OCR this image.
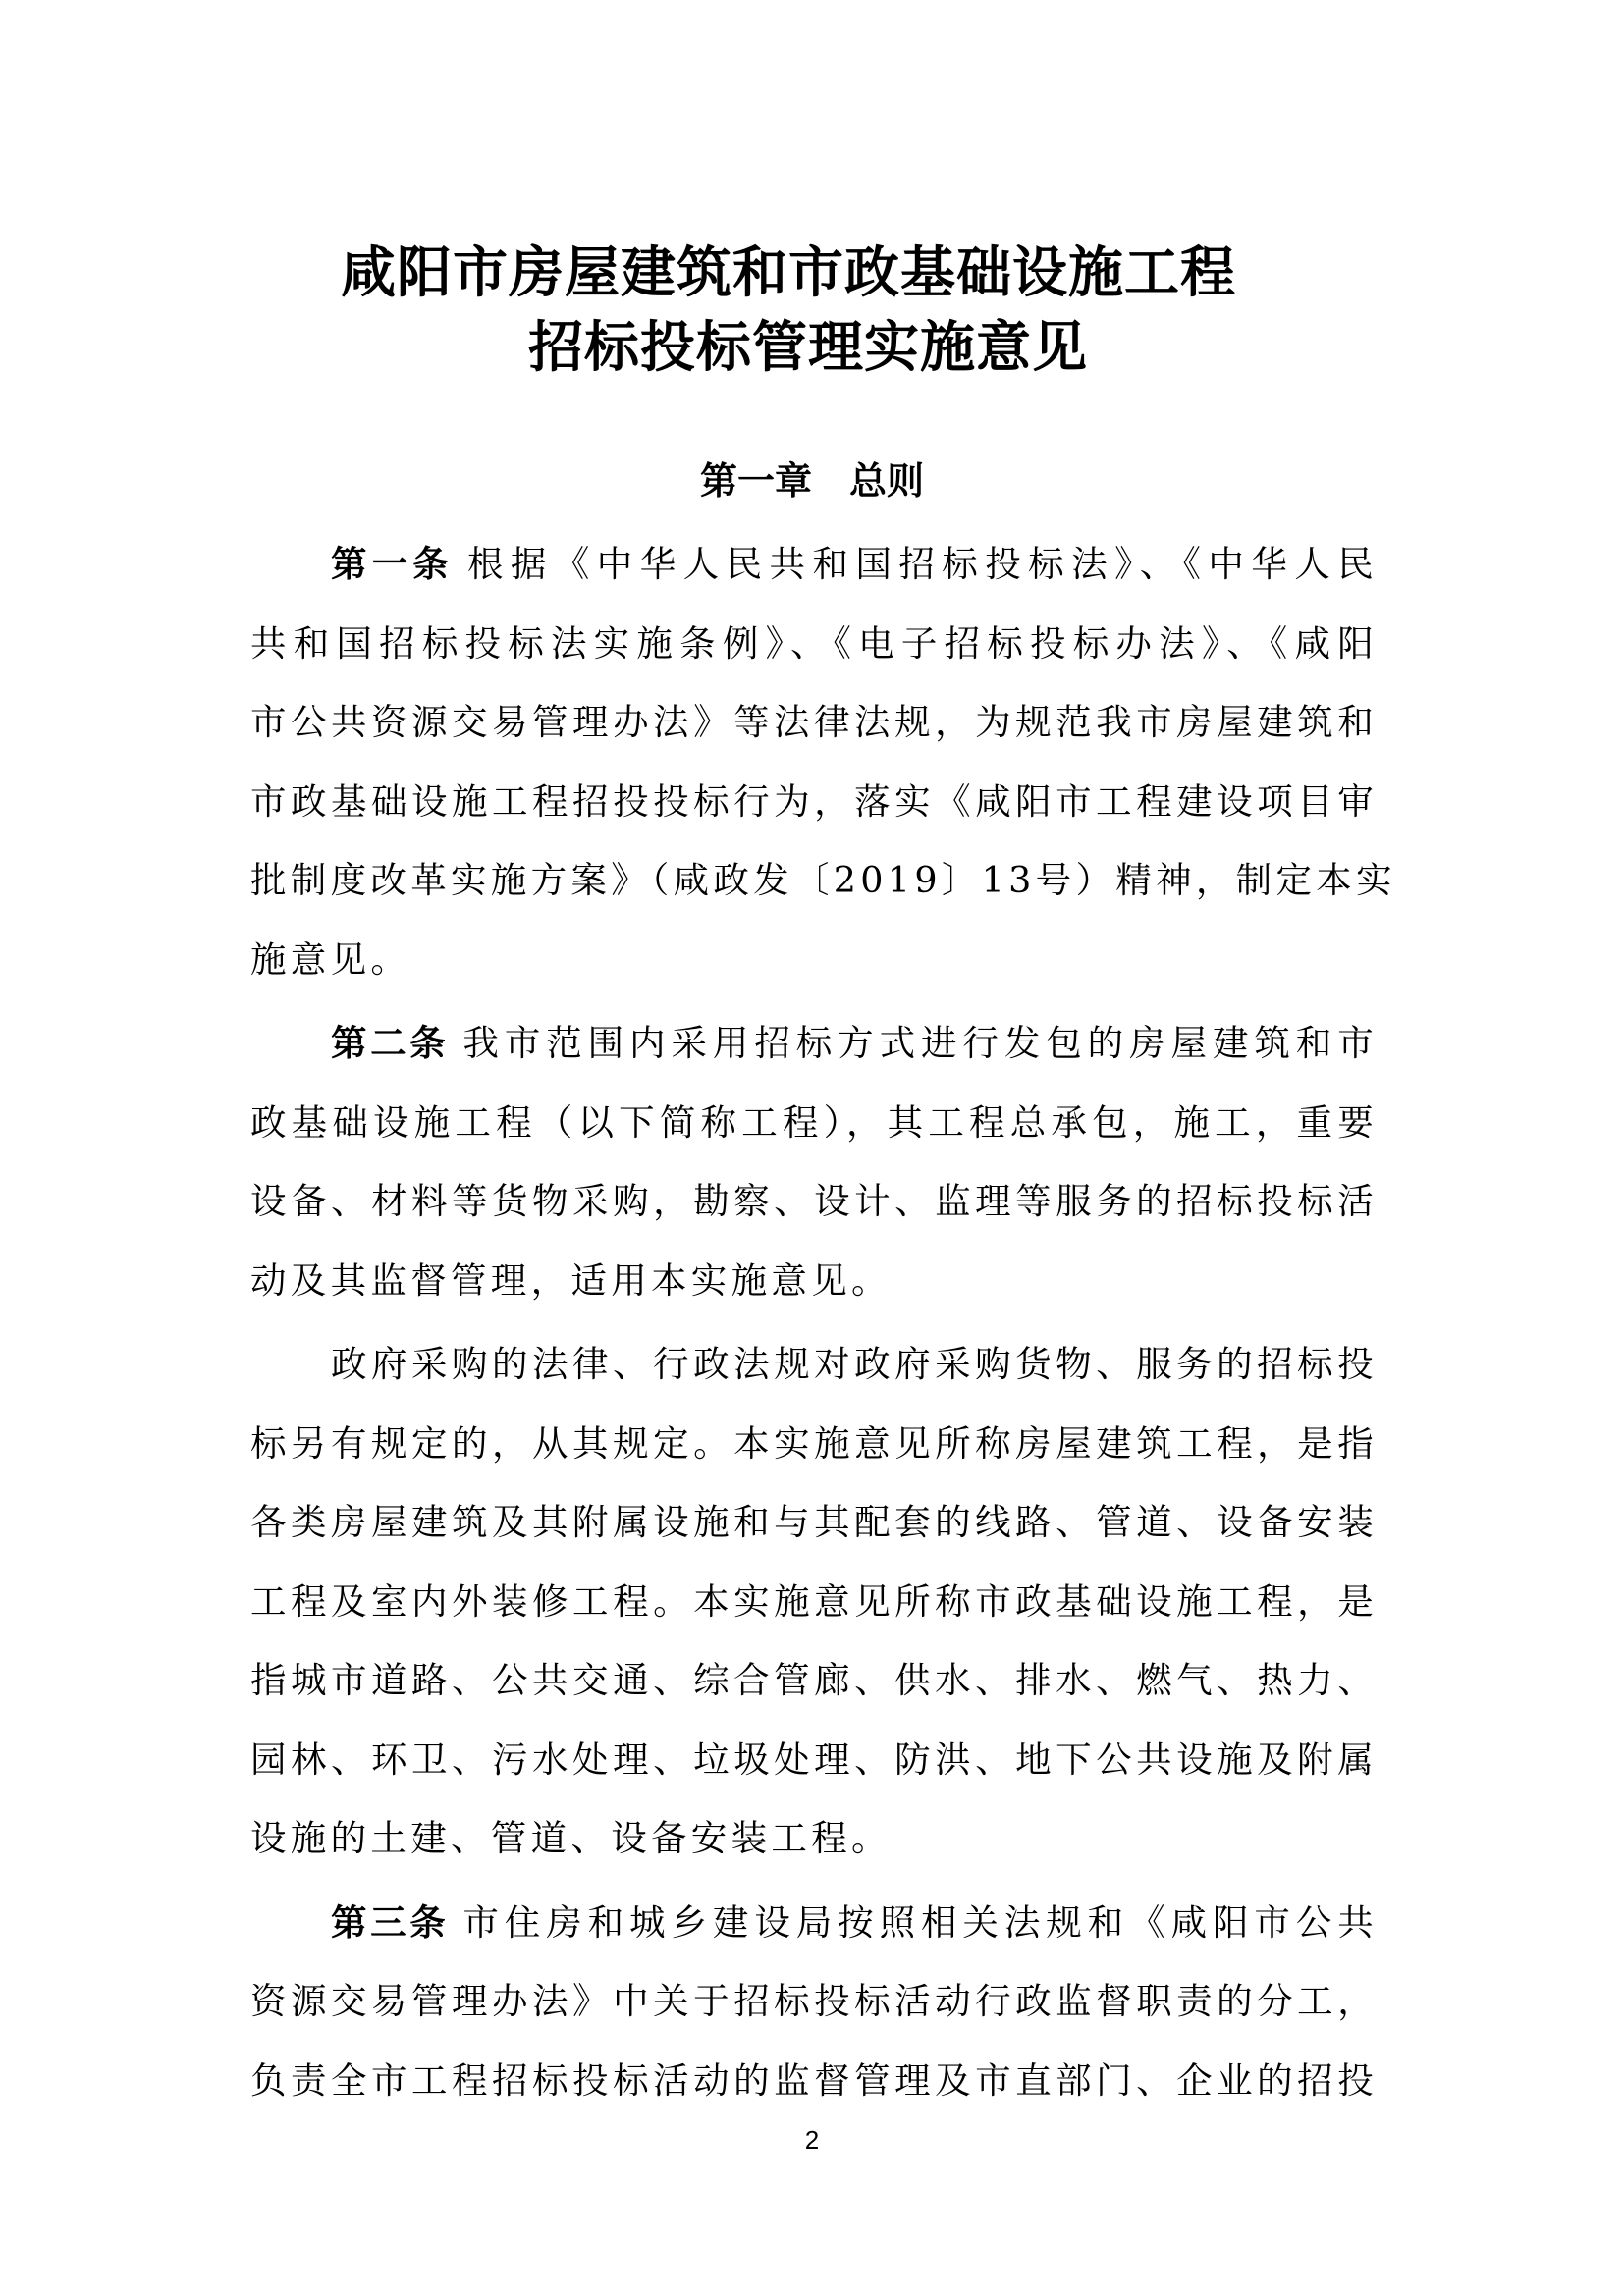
咸阳市房屋建筑和市政基础设施工程
招标投标管理实施意见
第一章　总则
第一条 根据《中华人民共和国招标投标法》、《中华人民
共和国招标投标法实施条例》、《电子招标投标办法》、《咸阳
市公共资源交易管理办法》等法律法规，为规范我市房屋建筑和
市政基础设施工程招投投标行为，落实《咸阳市工程建设项目审
批制度改革实施方案》（咸政发〔2019〕13号）精神，制定本实
施意见。
第二条 我市范围内采用招标方式进行发包的房屋建筑和市
政基础设施工程（以下简称工程），其工程总承包，施工，重要
设备、材料等货物采购，勘察、设计、监理等服务的招标投标活
动及其监督管理，适用本实施意见。
政府采购的法律、行政法规对政府采购货物、服务的招标投
标另有规定的，从其规定。本实施意见所称房屋建筑工程，是指
各类房屋建筑及其附属设施和与其配套的线路、管道、设备安装
工程及室内外装修工程。本实施意见所称市政基础设施工程，是
指城市道路、公共交通、综合管廊、供水、排水、燃气、热力、
园林、环卫、污水处理、垃圾处理、防洪、地下公共设施及附属
设施的土建、管道、设备安装工程。
第三条 市住房和城乡建设局按照相关法规和《咸阳市公共
资源交易管理办法》中关于招标投标活动行政监督职责的分工，
负责全市工程招标投标活动的监督管理及市直部门、企业的招投
2
